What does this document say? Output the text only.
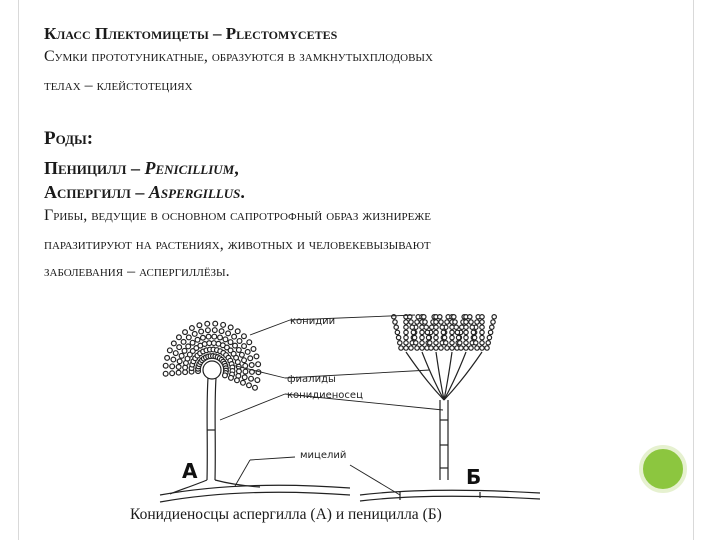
Класс Плектомицеты – Plectomycetes
Сумки прототуникатные, образуются в замкнутыхплодовых
телах – клейстотециях
Роды:
Пеницилл – Penicillium,
Аспергилл – Aspergillus.
Грибы, ведущие в основном сапротрофный образ жизниреже
паразитируют на растениях, животных и человекевызывают
заболевания – аспергиллёзы.
конидии
фиалиды
конидиеносец
мицелий
А	Б
Конидиеносцы аспергилла (А) и пеницилла (Б)
